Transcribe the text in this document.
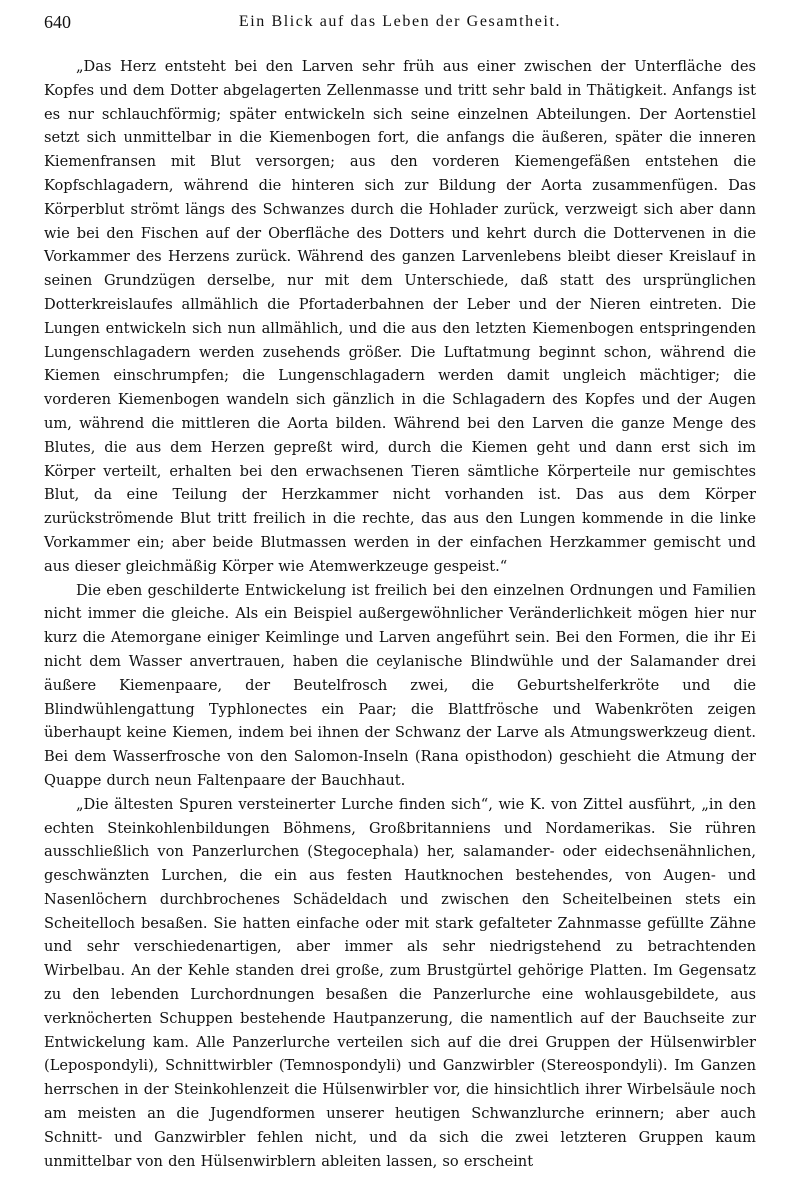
640	Ein Blick auf das Leben der Gesamtheit.

„Das Herz entsteht bei den Larven sehr früh aus einer zwischen der Unterfläche des Kopfes und dem Dotter abgelagerten Zellenmasse und tritt sehr bald in Thätigkeit. Anfangs ist es nur schlauchförmig; später entwickeln sich seine einzelnen Abteilungen. Der Aortenstiel setzt sich unmittelbar in die Kiemenbogen fort, die anfangs die äußeren, später die inneren Kiemenfransen mit Blut versorgen; aus den vorderen Kiemengefäßen entstehen die Kopfschlagadern, während die hinteren sich zur Bildung der Aorta zusammenfügen. Das Körperblut strömt längs des Schwanzes durch die Hohlader zurück, verzweigt sich aber dann wie bei den Fischen auf der Oberfläche des Dotters und kehrt durch die Dottervenen in die Vorkammer des Herzens zurück. Während des ganzen Larvenlebens bleibt dieser Kreislauf in seinen Grundzügen derselbe, nur mit dem Unterschiede, daß statt des ursprünglichen Dotterkreislaufes allmählich die Pfortaderbahnen der Leber und der Nieren eintreten. Die Lungen entwickeln sich nun allmählich, und die aus den letzten Kiemenbogen entspringenden Lungenschlagadern werden zusehends größer. Die Luftatmung beginnt schon, während die Kiemen einschrumpfen; die Lungenschlagadern werden damit ungleich mächtiger; die vorderen Kiemenbogen wandeln sich gänzlich in die Schlagadern des Kopfes und der Augen um, während die mittleren die Aorta bilden. Während bei den Larven die ganze Menge des Blutes, die aus dem Herzen gepreßt wird, durch die Kiemen geht und dann erst sich im Körper verteilt, erhalten bei den erwachsenen Tieren sämtliche Körperteile nur gemischtes Blut, da eine Teilung der Herzkammer nicht vorhanden ist. Das aus dem Körper zurückströmende Blut tritt freilich in die rechte, das aus den Lungen kommende in die linke Vorkammer ein; aber beide Blutmassen werden in der einfachen Herzkammer gemischt und aus dieser gleichmäßig Körper wie Atemwerkzeuge gespeist.“

Die eben geschilderte Entwickelung ist freilich bei den einzelnen Ordnungen und Familien nicht immer die gleiche. Als ein Beispiel außergewöhnlicher Veränderlichkeit mögen hier nur kurz die Atemorgane einiger Keimlinge und Larven angeführt sein. Bei den Formen, die ihr Ei nicht dem Wasser anvertrauen, haben die ceylanische Blindwühle und der Salamander drei äußere Kiemenpaare, der Beutelfrosch zwei, die Geburtshelferkröte und die Blindwühlengattung Typhlonectes ein Paar; die Blattfrösche und Wabenkröten zeigen überhaupt keine Kiemen, indem bei ihnen der Schwanz der Larve als Atmungswerkzeug dient. Bei dem Wasserfrosche von den Salomon-Inseln (Rana opisthodon) geschieht die Atmung der Quappe durch neun Faltenpaare der Bauchhaut.

„Die ältesten Spuren versteinerter Lurche finden sich“, wie K. von Zittel ausführt, „in den echten Steinkohlenbildungen Böhmens, Großbritanniens und Nordamerikas. Sie rühren ausschließlich von Panzerlurchen (Stegocephala) her, salamander- oder eidechsenähnlichen, geschwänzten Lurchen, die ein aus festen Hautknochen bestehendes, von Augen- und Nasenlöchern durchbrochenes Schädeldach und zwischen den Scheitelbeinen stets ein Scheitelloch besaßen. Sie hatten einfache oder mit stark gefalteter Zahnmasse gefüllte Zähne und sehr verschiedenartigen, aber immer als sehr niedrigstehend zu betrachtenden Wirbelbau. An der Kehle standen drei große, zum Brustgürtel gehörige Platten. Im Gegensatz zu den lebenden Lurchordnungen besaßen die Panzerlurche eine wohlausgebildete, aus verknöcherten Schuppen bestehende Hautpanzerung, die namentlich auf der Bauchseite zur Entwickelung kam. Alle Panzerlurche verteilen sich auf die drei Gruppen der Hülsenwirbler (Lepospondyli), Schnittwirbler (Temnospondyli) und Ganzwirbler (Stereospondyli). Im Ganzen herrschen in der Steinkohlenzeit die Hülsenwirbler vor, die hinsichtlich ihrer Wirbelsäule noch am meisten an die Jugendformen unserer heutigen Schwanzlurche erinnern; aber auch Schnitt- und Ganzwirbler fehlen nicht, und da sich die zwei letzteren Gruppen kaum unmittelbar von den Hülsenwirblern ableiten lassen, so erscheint
